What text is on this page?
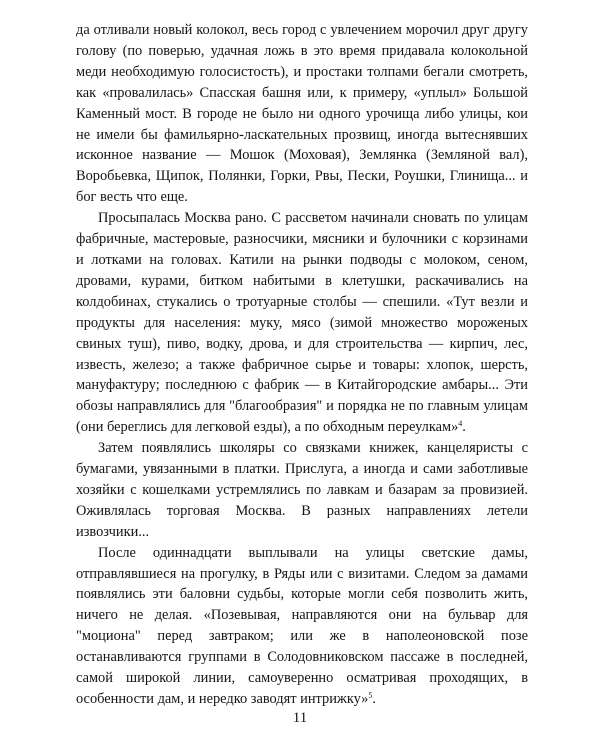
да отливали новый колокол, весь город с увлечением морочил друг другу голову (по поверью, удачная ложь в это время придавала колокольной меди необходимую голосистость), и простаки толпами бегали смотреть, как «провалилась» Спасская башня или, к примеру, «уплыл» Большой Каменный мост. В городе не было ни одного урочища либо улицы, кои не имели бы фамильярно-ласкательных прозвищ, иногда вытеснявших исконное название — Мошок (Моховая), Землянка (Земляной вал), Воробьевка, Щипок, Полянки, Горки, Рвы, Пески, Роушки, Глинища... и бог весть что еще.

Просыпалась Москва рано. С рассветом начинали сновать по улицам фабричные, мастеровые, разносчики, мясники и булочники с корзинами и лотками на головах. Катили на рынки подводы с молоком, сеном, дровами, курами, битком набитыми в клетушки, раскачивались на колдобинах, стукались о тротуарные столбы — спешили. «Тут везли и продукты для населения: муку, мясо (зимой множество мороженых свиных туш), пиво, водку, дрова, и для строительства — кирпич, лес, известь, железо; а также фабричное сырье и товары: хлопок, шерсть, мануфактуру; последнюю с фабрик — в Китайгородские амбары... Эти обозы направлялись для "благообразия" и порядка не по главным улицам (они береглись для легковой езды), а по обходным переулкам»$^4$.

Затем появлялись школяры со связками книжек, канцеляристы с бумагами, увязанными в платки. Прислуга, а иногда и сами заботливые хозяйки с кошелками устремлялись по лавкам и базарам за провизией. Оживлялась торговая Москва. В разных направлениях летели извозчики...

После одиннадцати выплывали на улицы светские дамы, отправлявшиеся на прогулку, в Ряды или с визитами. Следом за дамами появлялись эти баловни судьбы, которые могли себя позволить жить, ничего не делая. «Позевывая, направляются они на бульвар для "моциона" перед завтраком; или же в наполеоновской позе останавливаются группами в Солодовниковском пассаже в последней, самой широкой линии, самоуверенно осматривая проходящих, в особенности дам, и нередко заводят интрижку»$^5$.

11
